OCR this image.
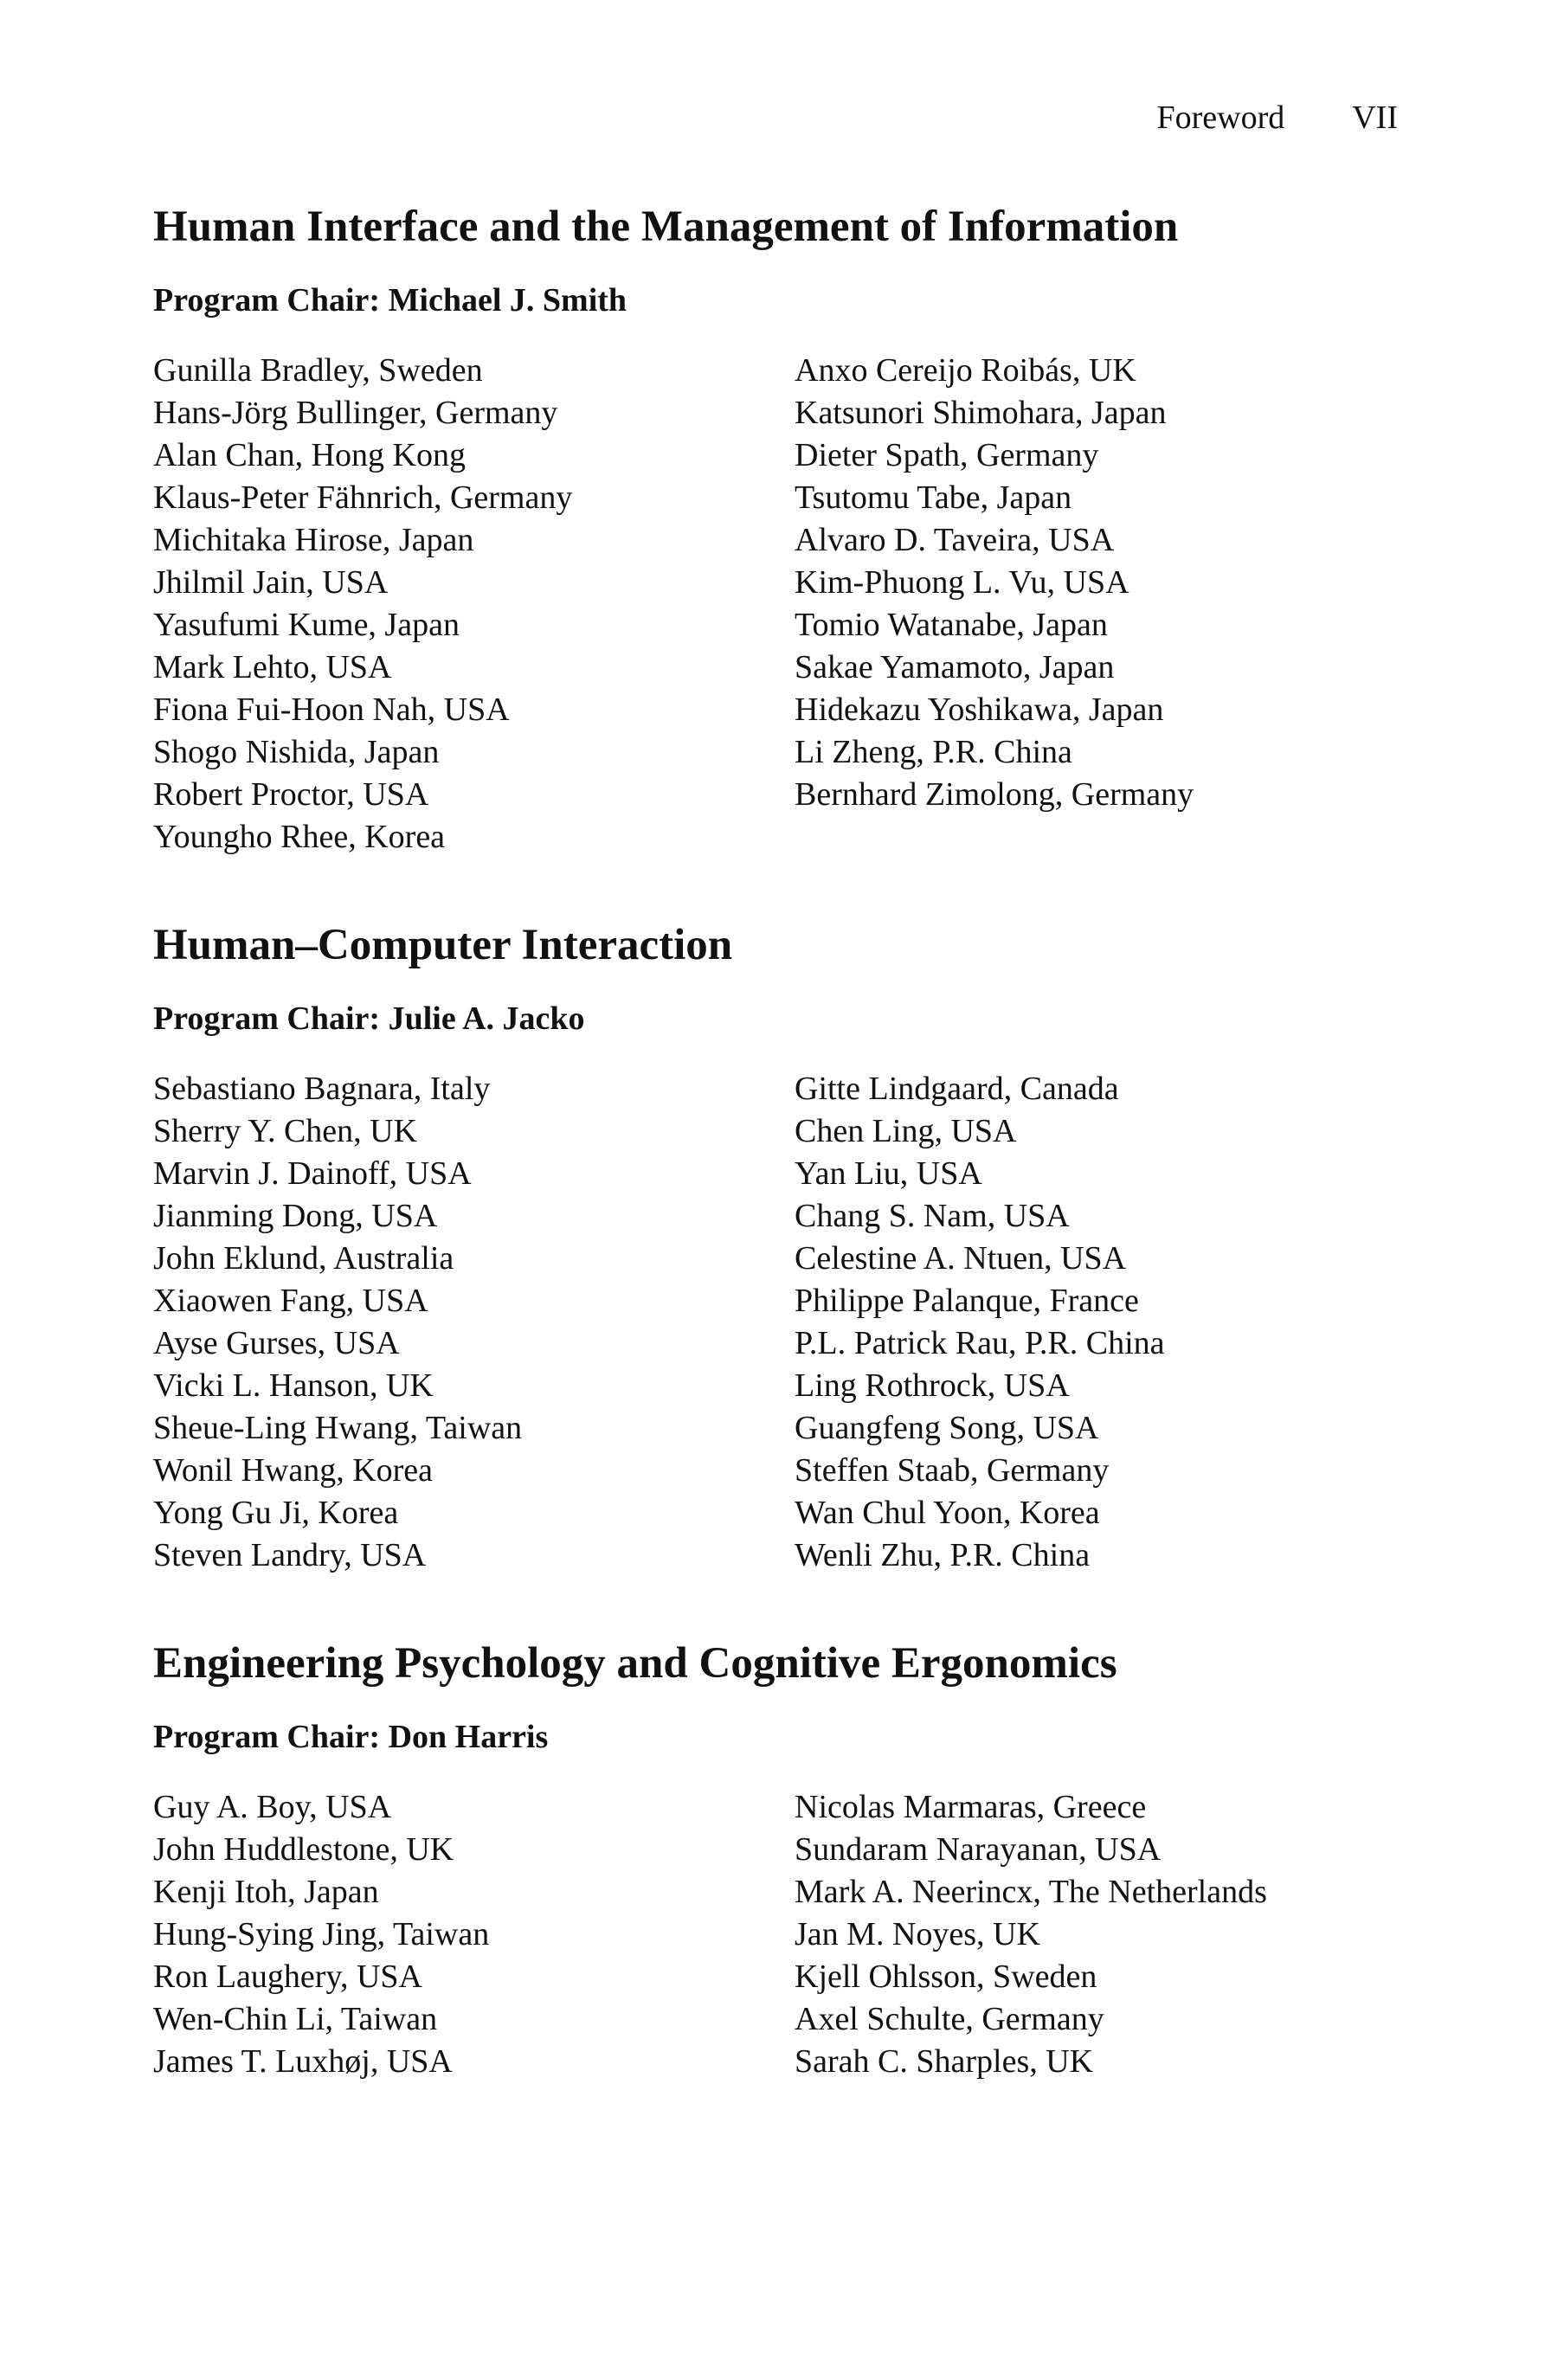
Foreword VII
Human Interface and the Management of Information

Program Chair: Michael J. Smith

Gunilla Bradley, Sweden
Hans-Jörg Bullinger, Germany
Alan Chan, Hong Kong
Klaus-Peter Fähnrich, Germany
Michitaka Hirose, Japan
Jhilmil Jain, USA
Yasufumi Kume, Japan
Mark Lehto, USA
Fiona Fui-Hoon Nah, USA
Shogo Nishida, Japan
Robert Proctor, USA
Youngho Rhee, Korea
Anxo Cereijo Roibás, UK
Katsunori Shimohara, Japan
Dieter Spath, Germany
Tsutomu Tabe, Japan
Alvaro D. Taveira, USA
Kim-Phuong L. Vu, USA
Tomio Watanabe, Japan
Sakae Yamamoto, Japan
Hidekazu Yoshikawa, Japan
Li Zheng, P.R. China
Bernhard Zimolong, Germany
Human–Computer Interaction

Program Chair: Julie A. Jacko

Sebastiano Bagnara, Italy
Sherry Y. Chen, UK
Marvin J. Dainoff, USA
Jianming Dong, USA
John Eklund, Australia
Xiaowen Fang, USA
Ayse Gurses, USA
Vicki L. Hanson, UK
Sheue-Ling Hwang, Taiwan
Wonil Hwang, Korea
Yong Gu Ji, Korea
Steven Landry, USA
Gitte Lindgaard, Canada
Chen Ling, USA
Yan Liu, USA
Chang S. Nam, USA
Celestine A. Ntuen, USA
Philippe Palanque, France
P.L. Patrick Rau, P.R. China
Ling Rothrock, USA
Guangfeng Song, USA
Steffen Staab, Germany
Wan Chul Yoon, Korea
Wenli Zhu, P.R. China
Engineering Psychology and Cognitive Ergonomics

Program Chair: Don Harris

Guy A. Boy, USA
John Huddlestone, UK
Kenji Itoh, Japan
Hung-Sying Jing, Taiwan
Ron Laughery, USA
Wen-Chin Li, Taiwan
James T. Luxhøj, USA
Nicolas Marmaras, Greece
Sundaram Narayanan, USA
Mark A. Neerincx, The Netherlands
Jan M. Noyes, UK
Kjell Ohlsson, Sweden
Axel Schulte, Germany
Sarah C. Sharples, UK
